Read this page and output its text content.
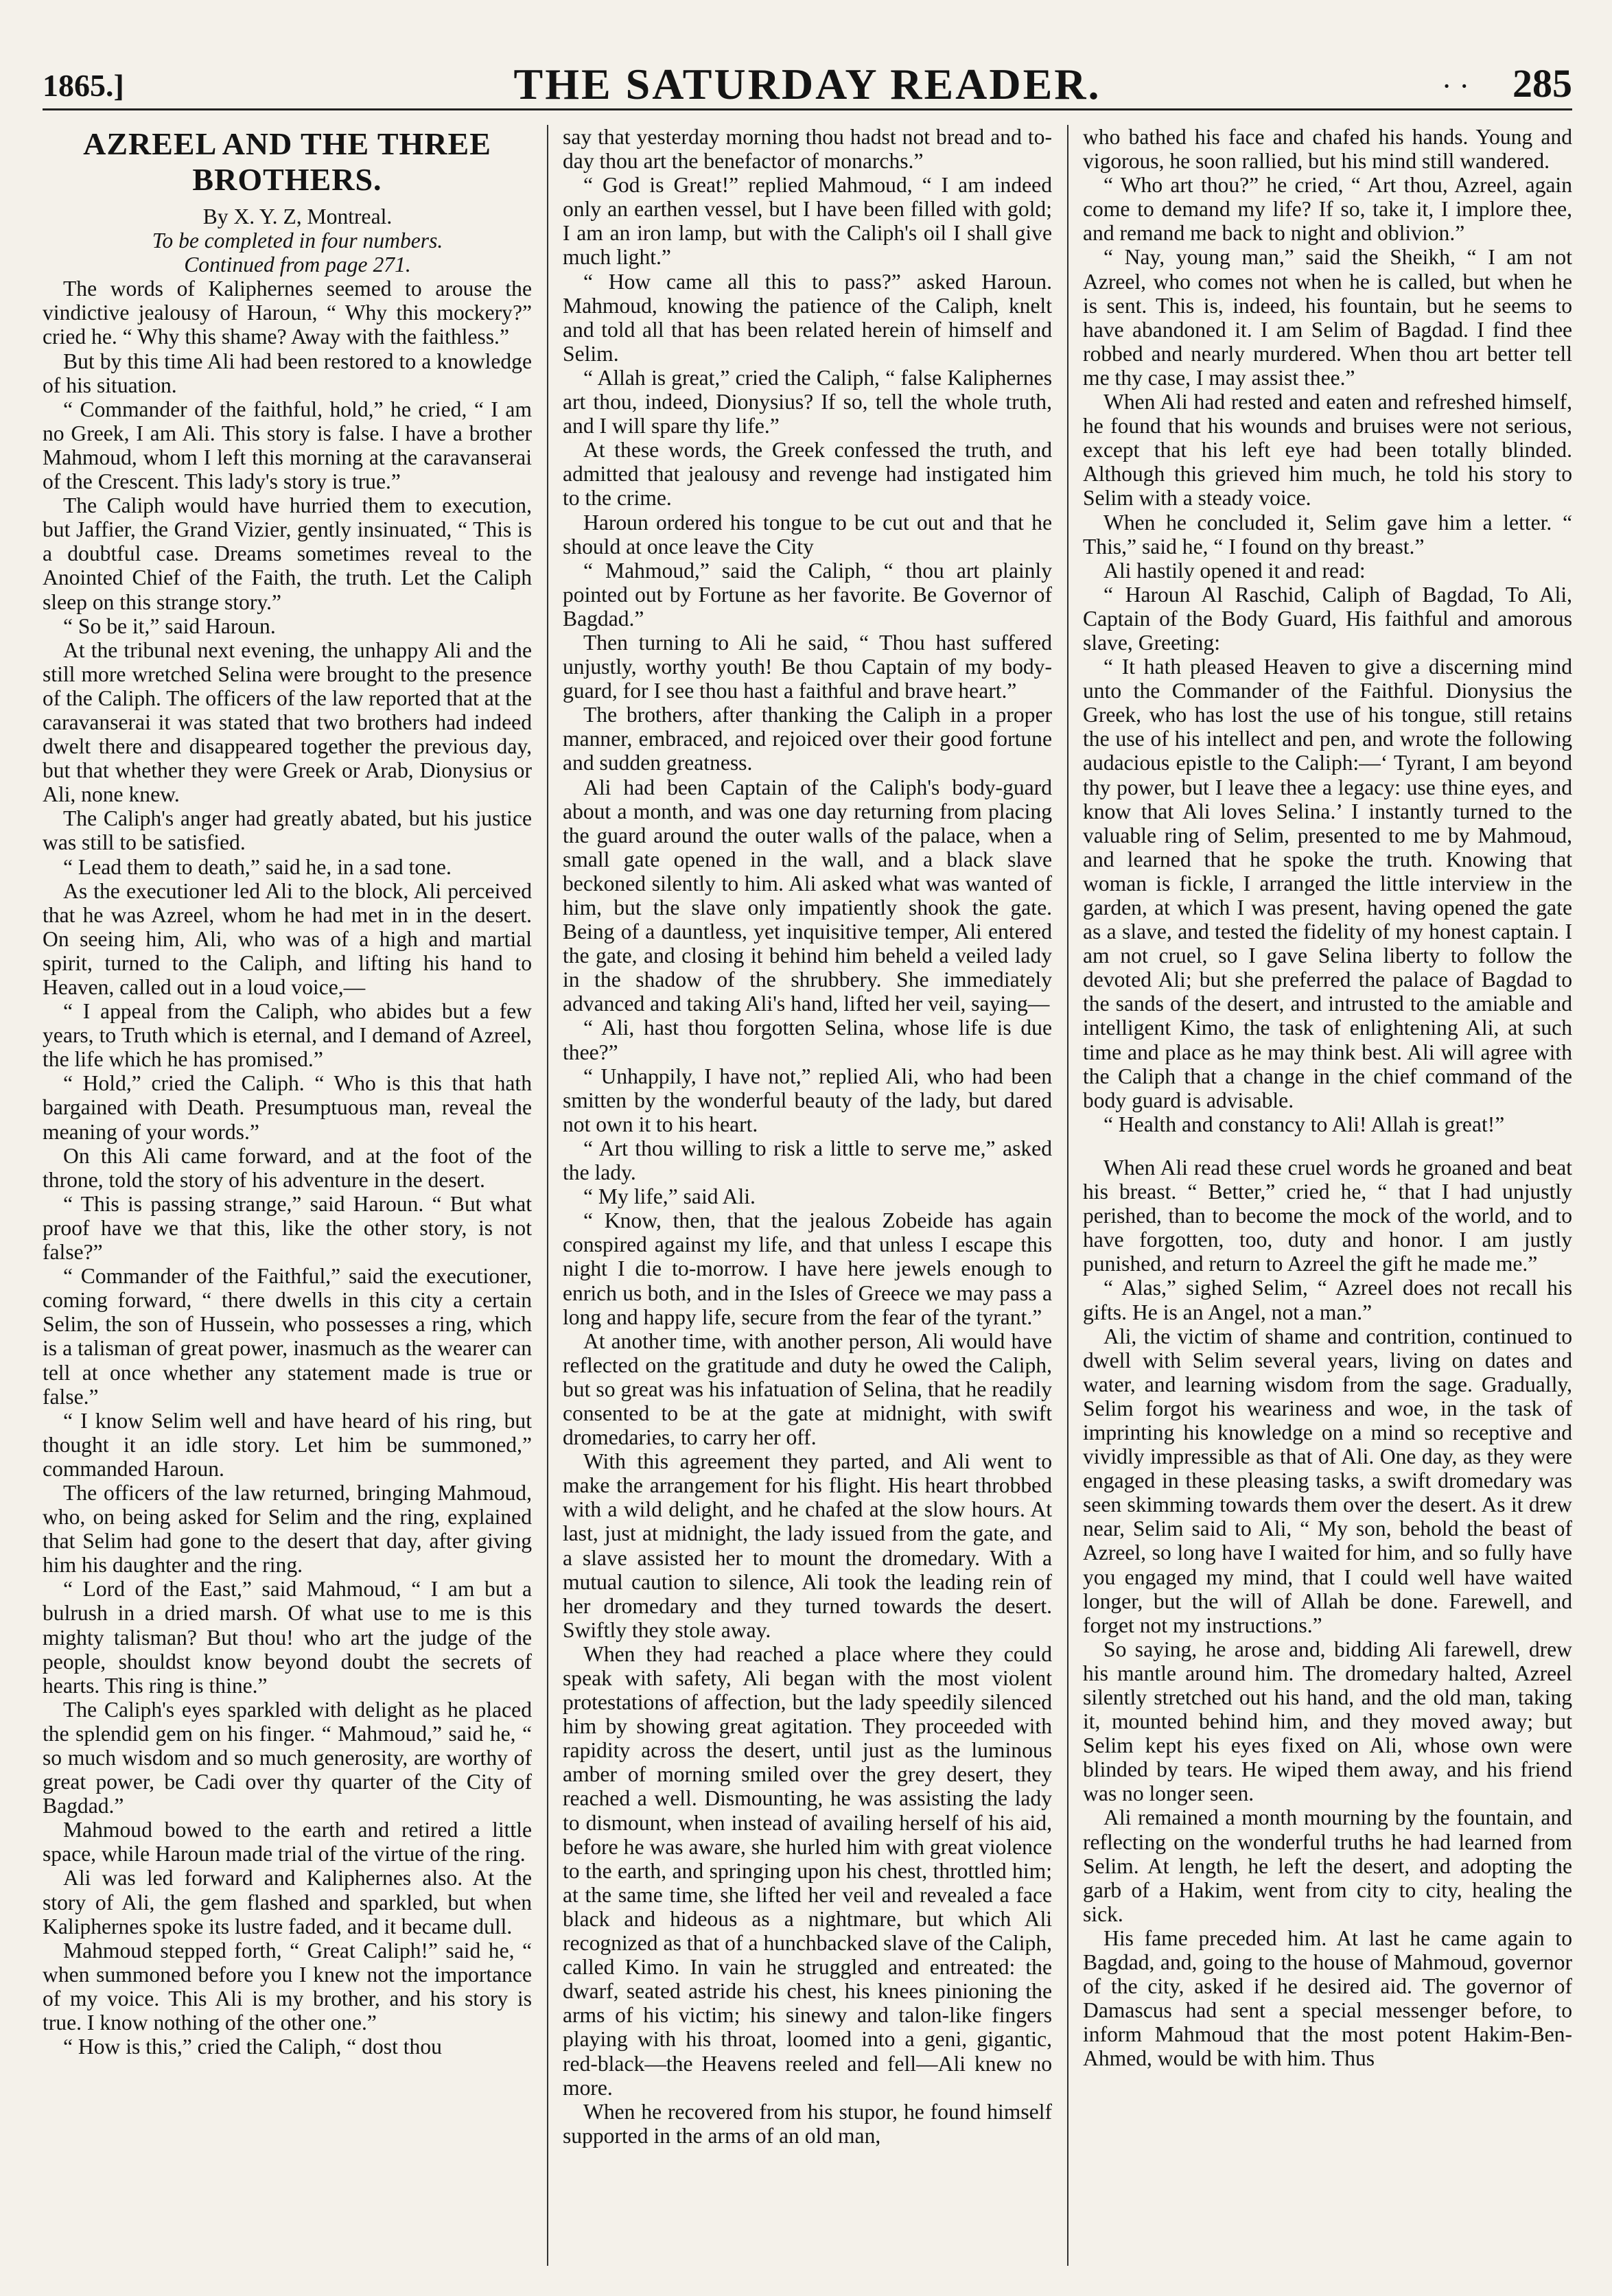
1865.]	THE SATURDAY READER.	· · 285
AZREEL AND THE THREE BROTHERS.

By X. Y. Z, Montreal.

To be completed in four numbers.

Continued from page 271.

The words of Kaliphernes seemed to arouse the vindictive jealousy of Haroun, “ Why this mockery?” cried he. “ Why this shame? Away with the faithless.”

But by this time Ali had been restored to a knowledge of his situation.

“ Commander of the faithful, hold,” he cried, “ I am no Greek, I am Ali. This story is false. I have a brother Mahmoud, whom I left this morning at the caravanserai of the Crescent. This lady's story is true.”

The Caliph would have hurried them to execution, but Jaffier, the Grand Vizier, gently insinuated, “ This is a doubtful case. Dreams sometimes reveal to the Anointed Chief of the Faith, the truth. Let the Caliph sleep on this strange story.”

“ So be it,” said Haroun.

At the tribunal next evening, the unhappy Ali and the still more wretched Selina were brought to the presence of the Caliph. The officers of the law reported that at the caravanserai it was stated that two brothers had indeed dwelt there and disappeared together the previous day, but that whether they were Greek or Arab, Dionysius or Ali, none knew.

The Caliph's anger had greatly abated, but his justice was still to be satisfied.

“ Lead them to death,” said he, in a sad tone.

As the executioner led Ali to the block, Ali perceived that he was Azreel, whom he had met in in the desert. On seeing him, Ali, who was of a high and martial spirit, turned to the Caliph, and lifting his hand to Heaven, called out in a loud voice,—

“ I appeal from the Caliph, who abides but a few years, to Truth which is eternal, and I demand of Azreel, the life which he has promised.”

“ Hold,” cried the Caliph. “ Who is this that hath bargained with Death. Presumptuous man, reveal the meaning of your words.”

On this Ali came forward, and at the foot of the throne, told the story of his adventure in the desert.

“ This is passing strange,” said Haroun. “ But what proof have we that this, like the other story, is not false?”

“ Commander of the Faithful,” said the executioner, coming forward, “ there dwells in this city a certain Selim, the son of Hussein, who possesses a ring, which is a talisman of great power, inasmuch as the wearer can tell at once whether any statement made is true or false.”

“ I know Selim well and have heard of his ring, but thought it an idle story. Let him be summoned,” commanded Haroun.

The officers of the law returned, bringing Mahmoud, who, on being asked for Selim and the ring, explained that Selim had gone to the desert that day, after giving him his daughter and the ring.

“ Lord of the East,” said Mahmoud, “ I am but a bulrush in a dried marsh. Of what use to me is this mighty talisman? But thou! who art the judge of the people, shouldst know beyond doubt the secrets of hearts. This ring is thine.”

The Caliph's eyes sparkled with delight as he placed the splendid gem on his finger. “ Mahmoud,” said he, “ so much wisdom and so much generosity, are worthy of great power, be Cadi over thy quarter of the City of Bagdad.”

Mahmoud bowed to the earth and retired a little space, while Haroun made trial of the virtue of the ring.

Ali was led forward and Kaliphernes also. At the story of Ali, the gem flashed and sparkled, but when Kaliphernes spoke its lustre faded, and it became dull.

Mahmoud stepped forth, “ Great Caliph!” said he, “ when summoned before you I knew not the importance of my voice. This Ali is my brother, and his story is true. I know nothing of the other one.”

“ How is this,” cried the Caliph, “ dost thou

say that yesterday morning thou hadst not bread and to-day thou art the benefactor of monarchs.”

“ God is Great!” replied Mahmoud, “ I am indeed only an earthen vessel, but I have been filled with gold; I am an iron lamp, but with the Caliph's oil I shall give much light.”

“ How came all this to pass?” asked Haroun. Mahmoud, knowing the patience of the Caliph, knelt and told all that has been related herein of himself and Selim.

“ Allah is great,” cried the Caliph, “ false Kaliphernes art thou, indeed, Dionysius? If so, tell the whole truth, and I will spare thy life.”

At these words, the Greek confessed the truth, and admitted that jealousy and revenge had instigated him to the crime.

Haroun ordered his tongue to be cut out and that he should at once leave the City

“ Mahmoud,” said the Caliph, “ thou art plainly pointed out by Fortune as her favorite. Be Governor of Bagdad.”

Then turning to Ali he said, “ Thou hast suffered unjustly, worthy youth! Be thou Captain of my body-guard, for I see thou hast a faithful and brave heart.”

The brothers, after thanking the Caliph in a proper manner, embraced, and rejoiced over their good fortune and sudden greatness.

Ali had been Captain of the Caliph's body-guard about a month, and was one day returning from placing the guard around the outer walls of the palace, when a small gate opened in the wall, and a black slave beckoned silently to him. Ali asked what was wanted of him, but the slave only impatiently shook the gate. Being of a dauntless, yet inquisitive temper, Ali entered the gate, and closing it behind him beheld a veiled lady in the shadow of the shrubbery. She immediately advanced and taking Ali's hand, lifted her veil, saying—

“ Ali, hast thou forgotten Selina, whose life is due thee?”

“ Unhappily, I have not,” replied Ali, who had been smitten by the wonderful beauty of the lady, but dared not own it to his heart.

“ Art thou willing to risk a little to serve me,” asked the lady.

“ My life,” said Ali.

“ Know, then, that the jealous Zobeide has again conspired against my life, and that unless I escape this night I die to-morrow. I have here jewels enough to enrich us both, and in the Isles of Greece we may pass a long and happy life, secure from the fear of the tyrant.”

At another time, with another person, Ali would have reflected on the gratitude and duty he owed the Caliph, but so great was his infatuation of Selina, that he readily consented to be at the gate at midnight, with swift dromedaries, to carry her off.

With this agreement they parted, and Ali went to make the arrangement for his flight. His heart throbbed with a wild delight, and he chafed at the slow hours. At last, just at midnight, the lady issued from the gate, and a slave assisted her to mount the dromedary. With a mutual caution to silence, Ali took the leading rein of her dromedary and they turned towards the desert. Swiftly they stole away.

When they had reached a place where they could speak with safety, Ali began with the most violent protestations of affection, but the lady speedily silenced him by showing great agitation. They proceeded with rapidity across the desert, until just as the luminous amber of morning smiled over the grey desert, they reached a well. Dismounting, he was assisting the lady to dismount, when instead of availing herself of his aid, before he was aware, she hurled him with great violence to the earth, and springing upon his chest, throttled him; at the same time, she lifted her veil and revealed a face black and hideous as a nightmare, but which Ali recognized as that of a hunchbacked slave of the Caliph, called Kimo. In vain he struggled and entreated: the dwarf, seated astride his chest, his knees pinioning the arms of his victim; his sinewy and talon-like fingers playing with his throat, loomed into a geni, gigantic, red-black—the Heavens reeled and fell—Ali knew no more.

When he recovered from his stupor, he found himself supported in the arms of an old man,

who bathed his face and chafed his hands. Young and vigorous, he soon rallied, but his mind still wandered.

“ Who art thou?” he cried, “ Art thou, Azreel, again come to demand my life? If so, take it, I implore thee, and remand me back to night and oblivion.”

“ Nay, young man,” said the Sheikh, “ I am not Azreel, who comes not when he is called, but when he is sent. This is, indeed, his fountain, but he seems to have abandoned it. I am Selim of Bagdad. I find thee robbed and nearly murdered. When thou art better tell me thy case, I may assist thee.”

When Ali had rested and eaten and refreshed himself, he found that his wounds and bruises were not serious, except that his left eye had been totally blinded. Although this grieved him much, he told his story to Selim with a steady voice.

When he concluded it, Selim gave him a letter. “ This,” said he, “ I found on thy breast.”

Ali hastily opened it and read:

“ Haroun Al Raschid, Caliph of Bagdad, To Ali, Captain of the Body Guard, His faithful and amorous slave, Greeting:

“ It hath pleased Heaven to give a discerning mind unto the Commander of the Faithful. Dionysius the Greek, who has lost the use of his tongue, still retains the use of his intellect and pen, and wrote the following audacious epistle to the Caliph:—‘ Tyrant, I am beyond thy power, but I leave thee a legacy: use thine eyes, and know that Ali loves Selina.’ I instantly turned to the valuable ring of Selim, presented to me by Mahmoud, and learned that he spoke the truth. Knowing that woman is fickle, I arranged the little interview in the garden, at which I was present, having opened the gate as a slave, and tested the fidelity of my honest captain. I am not cruel, so I gave Selina liberty to follow the devoted Ali; but she preferred the palace of Bagdad to the sands of the desert, and intrusted to the amiable and intelligent Kimo, the task of enlightening Ali, at such time and place as he may think best. Ali will agree with the Caliph that a change in the chief command of the body guard is advisable.

“ Health and constancy to Ali! Allah is great!”

When Ali read these cruel words he groaned and beat his breast. “ Better,” cried he, “ that I had unjustly perished, than to become the mock of the world, and to have forgotten, too, duty and honor. I am justly punished, and return to Azreel the gift he made me.”

“ Alas,” sighed Selim, “ Azreel does not recall his gifts. He is an Angel, not a man.”

Ali, the victim of shame and contrition, continued to dwell with Selim several years, living on dates and water, and learning wisdom from the sage. Gradually, Selim forgot his weariness and woe, in the task of imprinting his knowledge on a mind so receptive and vividly impressible as that of Ali. One day, as they were engaged in these pleasing tasks, a swift dromedary was seen skimming towards them over the desert. As it drew near, Selim said to Ali, “ My son, behold the beast of Azreel, so long have I waited for him, and so fully have you engaged my mind, that I could well have waited longer, but the will of Allah be done. Farewell, and forget not my instructions.”

So saying, he arose and, bidding Ali farewell, drew his mantle around him. The dromedary halted, Azreel silently stretched out his hand, and the old man, taking it, mounted behind him, and they moved away; but Selim kept his eyes fixed on Ali, whose own were blinded by tears. He wiped them away, and his friend was no longer seen.

Ali remained a month mourning by the fountain, and reflecting on the wonderful truths he had learned from Selim. At length, he left the desert, and adopting the garb of a Hakim, went from city to city, healing the sick.

His fame preceded him. At last he came again to Bagdad, and, going to the house of Mahmoud, governor of the city, asked if he desired aid. The governor of Damascus had sent a special messenger before, to inform Mahmoud that the most potent Hakim-Ben-Ahmed, would be with him. Thus
